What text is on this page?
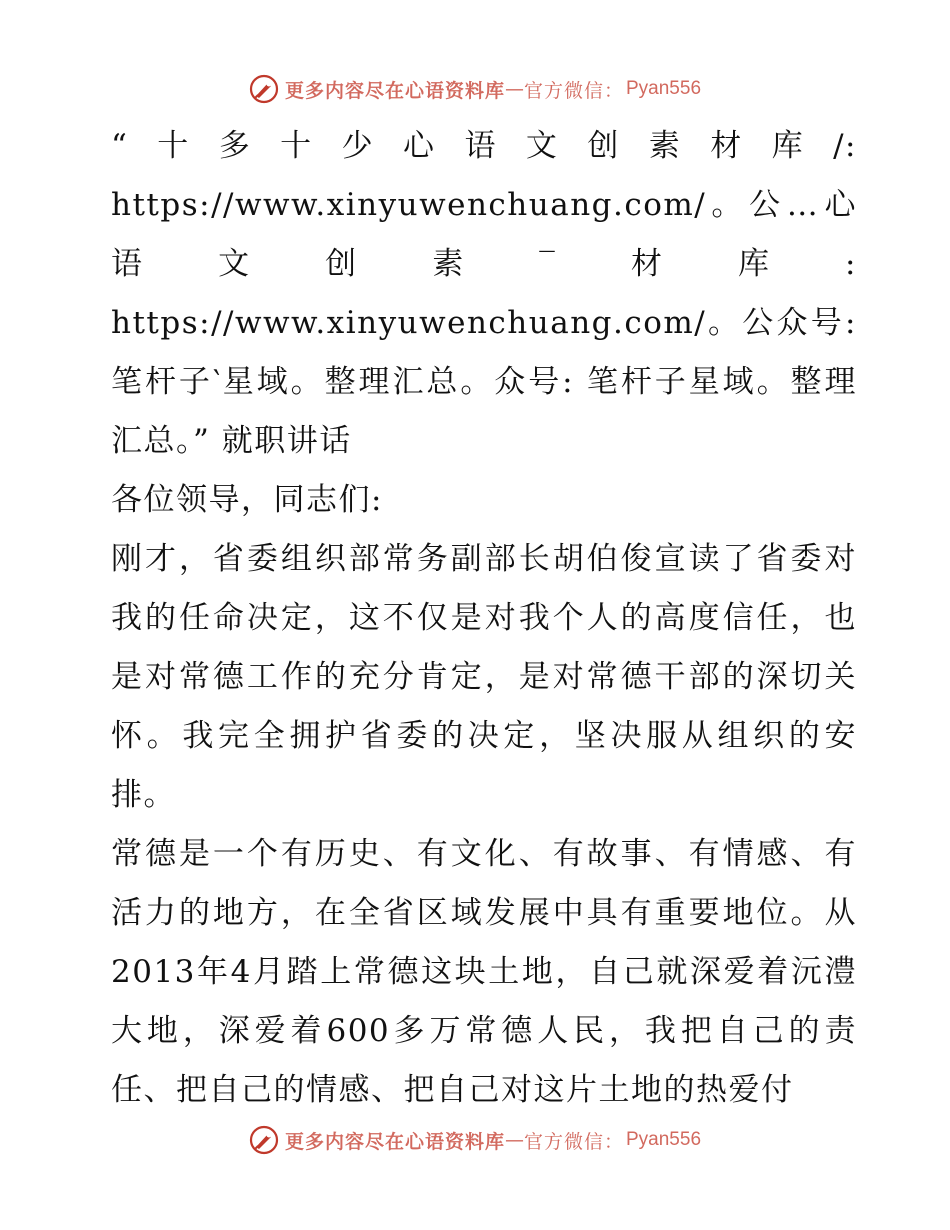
更多内容尽在心语资料库 — 官方微信： Pyan556

“十多十少心语文创素材库/: https://www.xinyuwenchuang.com/。公…心语文创素‾材库: https://www.xinyuwenchuang.com/。公众号: 笔杆子‵星域。整理汇总。众号: 笔杆子星域。整理汇总。” 就职讲话

各位领导，同志们:

刚才，省委组织部常务副部长胡伯俊宣读了省委对我的任命决定，这不仅是对我个人的高度信任，也是对常德工作的充分肯定，是对常德干部的深切关怀。我完全拥护省委的决定，坚决服从组织的安排。

常德是一个有历史、有文化、有故事、有情感、有活力的地方，在全省区域发展中具有重要地位。从2013年4月踏上常德这块土地，自己就深爱着沅澧大地，深爱着600多万常德人民，我把自己的责任、把自己的情感、把自己对这片土地的热爱付

更多内容尽在心语资料库 — 官方微信： Pyan556
